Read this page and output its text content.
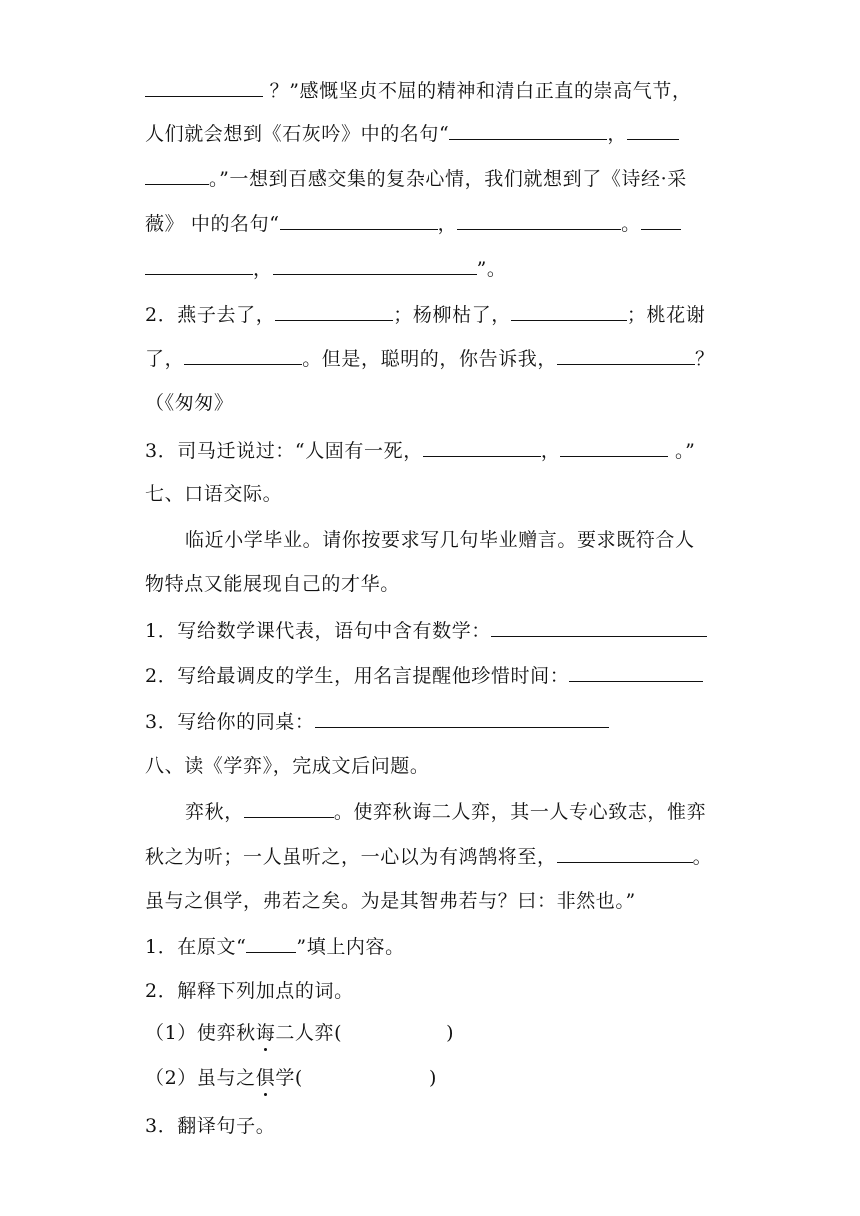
？”感慨坚贞不屈的精神和清白正直的崇高气节，
人们就会想到《石灰吟》中的名句“	，
。”一想到百感交集的复杂心情，我们就想到了《诗经·采
薇》 中的名句“	，	。
，	”。
2．燕子去了，	；杨柳枯了，	；桃花谢
了，	。但是，聪明的，你告诉我，	？
（《匆匆》
3．司马迁说过：“人固有一死，	，	。”
七、口语交际。
临近小学毕业。请你按要求写几句毕业赠言。要求既符合人
物特点又能展现自己的才华。
1．写给数学课代表，语句中含有数学：
2．写给最调皮的学生，用名言提醒他珍惜时间：
3．写给你的同桌：
八、读《学弈》，完成文后问题。
弈秋，	。使弈秋诲二人弈，其一人专心致志，惟弈
秋之为听；一人虽听之，一心以为有鸿鹄将至，	。
虽与之俱学，弗若之矣。为是其智弗若与？曰：非然也。”
1．在原文“	”填上内容。
2．解释下列加点的词。
（1）使弈秋诲二人弈(	)
（2）虽与之俱学(	)
3．翻译句子。
